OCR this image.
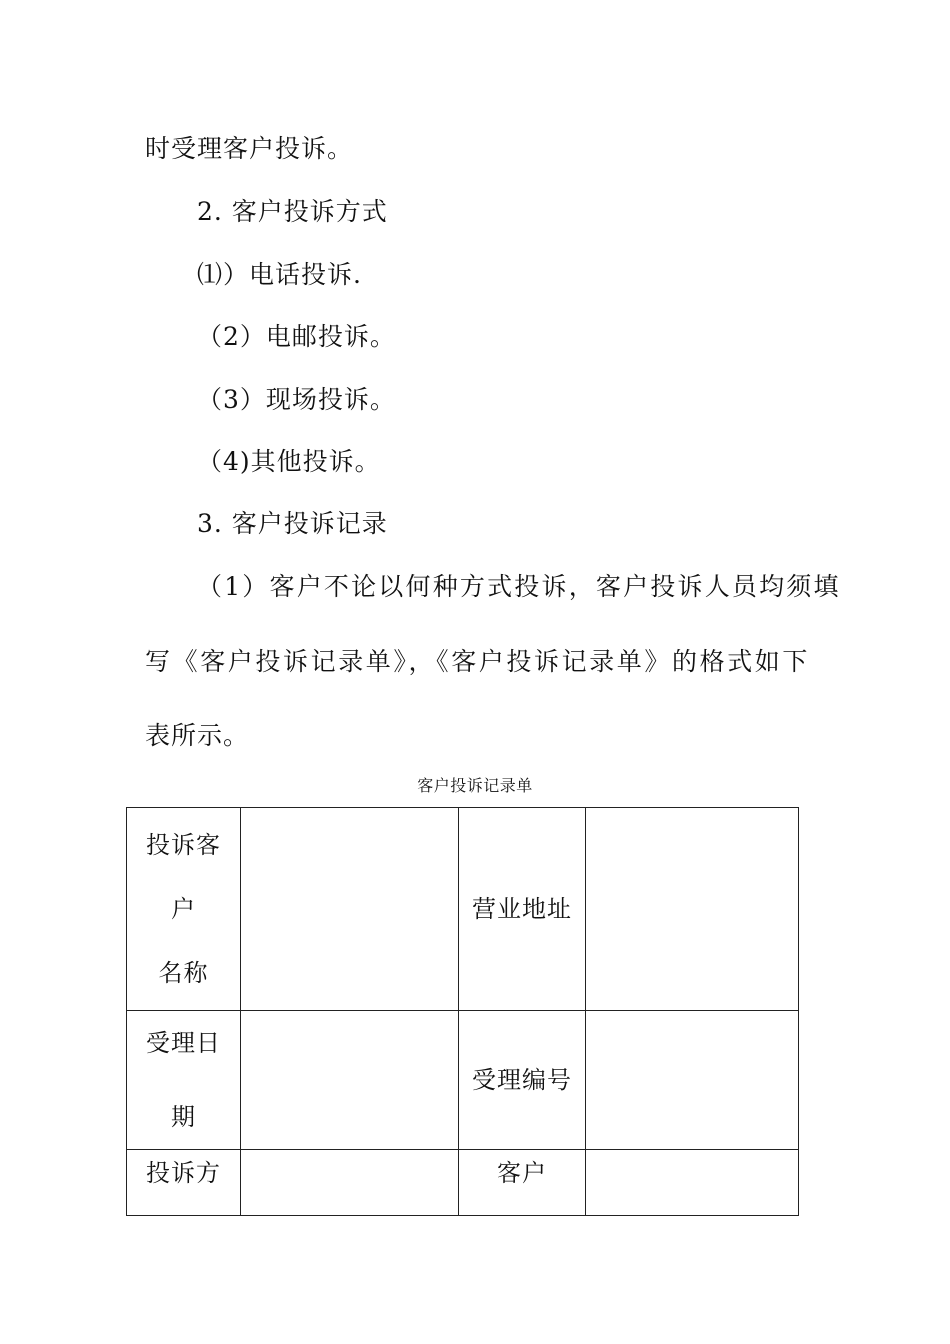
时受理客户投诉。
2. 客户投诉方式
⑴）电话投诉.
（2）电邮投诉。
（3）现场投诉。
（4)其他投诉。
3. 客户投诉记录
（1）客户不论以何种方式投诉，客户投诉人员均须填
写《客户投诉记录单》，《客户投诉记录单》的格式如下
表所示。
客户投诉记录单
投诉客
户
名称		营业地址	

受理日
期		受理编号	

投诉方		客户	
